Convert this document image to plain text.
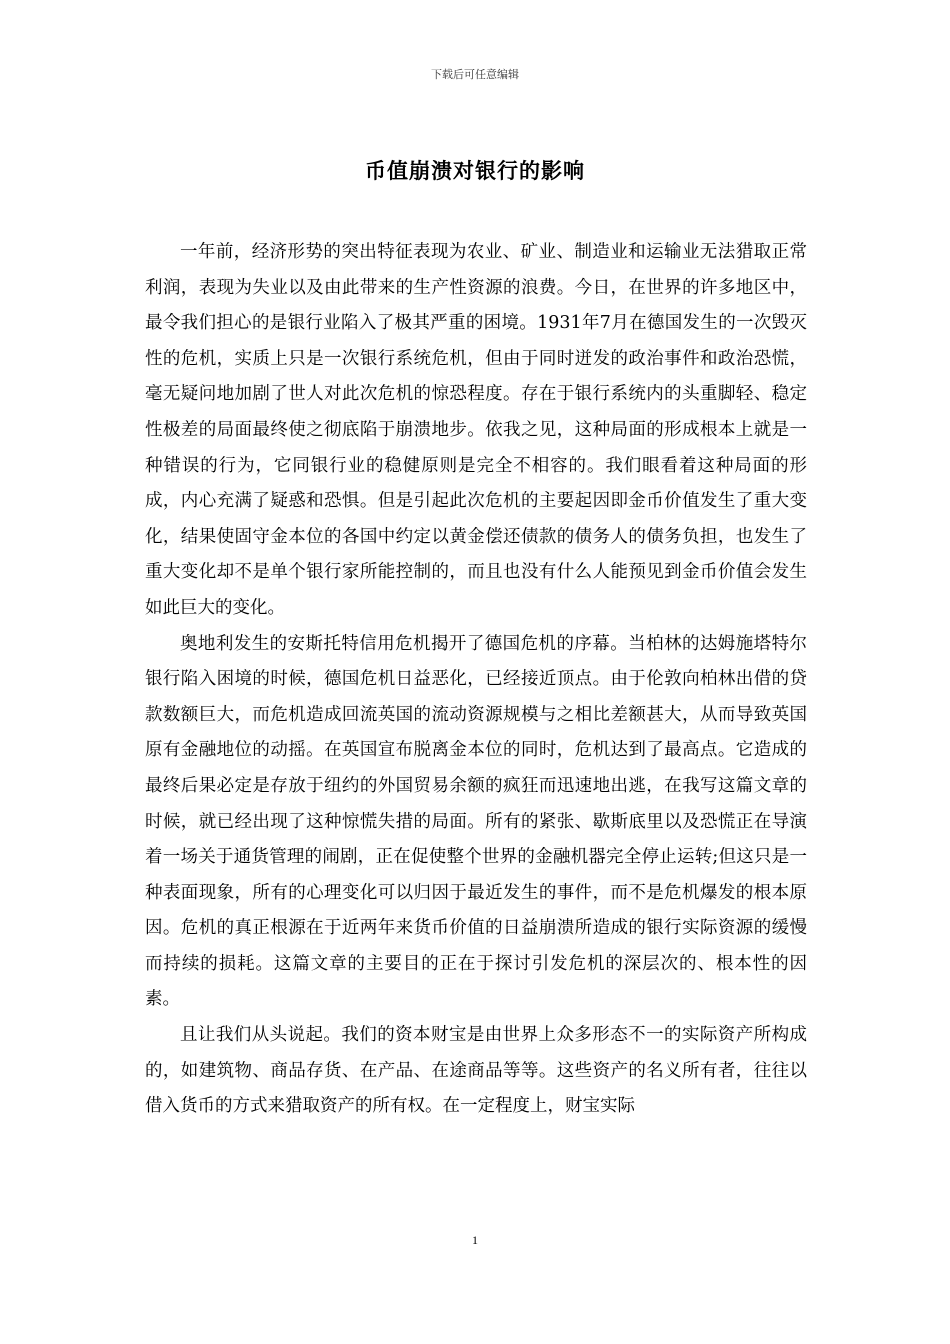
下载后可任意编辑
币值崩溃对银行的影响

一年前，经济形势的突出特征表现为农业、矿业、制造业和运输业无法猎取正常利润，表现为失业以及由此带来的生产性资源的浪费。今日，在世界的许多地区中，最令我们担心的是银行业陷入了极其严重的困境。1931年7月在德国发生的一次毁灭性的危机，实质上只是一次银行系统危机，但由于同时迸发的政治事件和政治恐慌，毫无疑问地加剧了世人对此次危机的惊恐程度。存在于银行系统内的头重脚轻、稳定性极差的局面最终使之彻底陷于崩溃地步。依我之见，这种局面的形成根本上就是一种错误的行为，它同银行业的稳健原则是完全不相容的。我们眼看着这种局面的形成，内心充满了疑惑和恐惧。但是引起此次危机的主要起因即金币价值发生了重大变化，结果使固守金本位的各国中约定以黄金偿还债款的债务人的债务负担，也发生了重大变化却不是单个银行家所能控制的，而且也没有什么人能预见到金币价值会发生如此巨大的变化。

奥地利发生的安斯托特信用危机揭开了德国危机的序幕。当柏林的达姆施塔特尔银行陷入困境的时候，德国危机日益恶化，已经接近顶点。由于伦敦向柏林出借的贷款数额巨大，而危机造成回流英国的流动资源规模与之相比差额甚大，从而导致英国原有金融地位的动摇。在英国宣布脱离金本位的同时，危机达到了最高点。它造成的最终后果必定是存放于纽约的外国贸易余额的疯狂而迅速地出逃，在我写这篇文章的时候，就已经出现了这种惊慌失措的局面。所有的紧张、歇斯底里以及恐慌正在导演着一场关于通货管理的闹剧，正在促使整个世界的金融机器完全停止运转;但这只是一种表面现象，所有的心理变化可以归因于最近发生的事件，而不是危机爆发的根本原因。危机的真正根源在于近两年来货币价值的日益崩溃所造成的银行实际资源的缓慢而持续的损耗。这篇文章的主要目的正在于探讨引发危机的深层次的、根本性的因素。

且让我们从头说起。我们的资本财宝是由世界上众多形态不一的实际资产所构成的，如建筑物、商品存货、在产品、在途商品等等。这些资产的名义所有者，往往以借入货币的方式来猎取资产的所有权。在一定程度上，财宝实际

1
